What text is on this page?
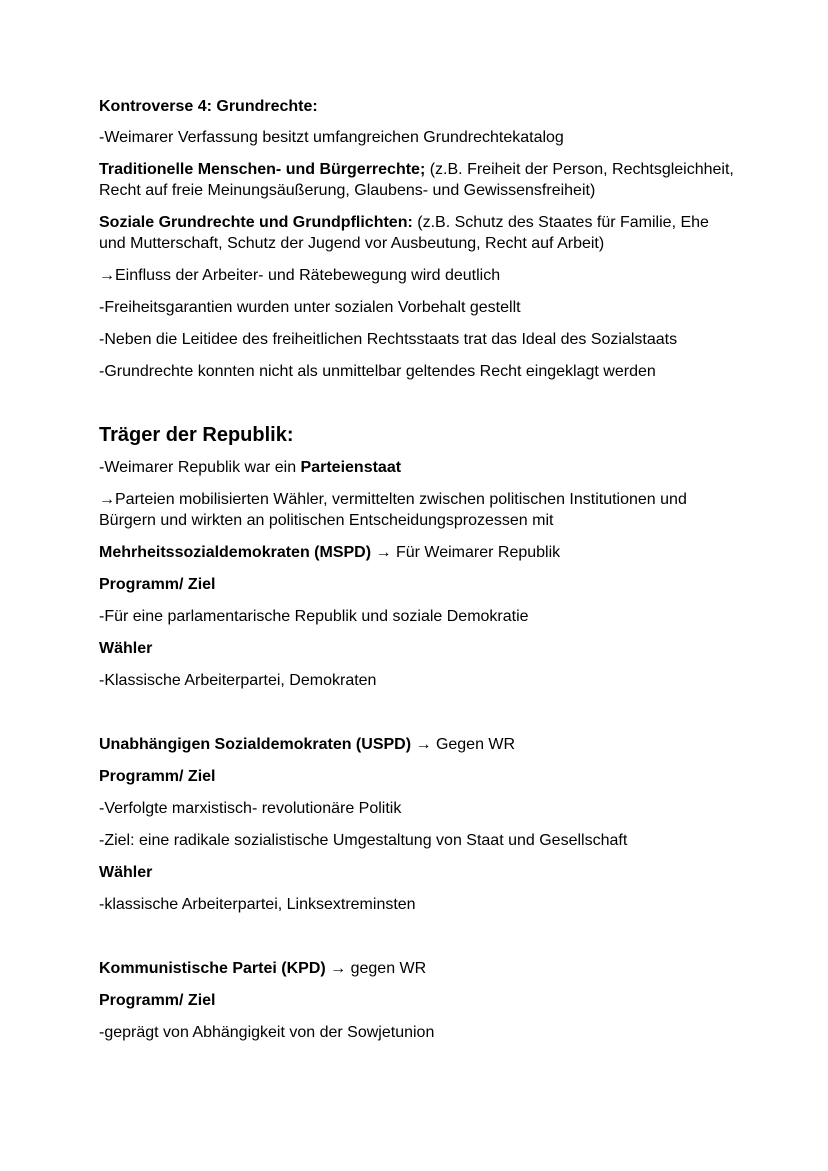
Kontroverse 4: Grundrechte:

-Weimarer Verfassung besitzt umfangreichen Grundrechtekatalog

Traditionelle Menschen- und Bürgerrechte; (z.B. Freiheit der Person, Rechtsgleichheit, Recht auf freie Meinungsäußerung, Glaubens- und Gewissensfreiheit)

Soziale Grundrechte und Grundpflichten: (z.B. Schutz des Staates für Familie, Ehe und Mutterschaft, Schutz der Jugend vor Ausbeutung, Recht auf Arbeit)

→Einfluss der Arbeiter- und Rätebewegung wird deutlich

-Freiheitsgarantien wurden unter sozialen Vorbehalt gestellt

-Neben die Leitidee des freiheitlichen Rechtsstaats trat das Ideal des Sozialstaats

-Grundrechte konnten nicht als unmittelbar geltendes Recht eingeklagt werden

Träger der Republik:

-Weimarer Republik war ein Parteienstaat

→Parteien mobilisierten Wähler, vermittelten zwischen politischen Institutionen und Bürgern und wirkten an politischen Entscheidungsprozessen mit

Mehrheitssozialdemokraten (MSPD) → Für Weimarer Republik

Programm/ Ziel

-Für eine parlamentarische Republik und soziale Demokratie

Wähler

-Klassische Arbeiterpartei, Demokraten

Unabhängigen Sozialdemokraten (USPD) → Gegen WR

Programm/ Ziel

-Verfolgte marxistisch- revolutionäre Politik

-Ziel: eine radikale sozialistische Umgestaltung von Staat und Gesellschaft

Wähler

-klassische Arbeiterpartei, Linksextreminsten

Kommunistische Partei (KPD) → gegen WR

Programm/ Ziel

-geprägt von Abhängigkeit von der Sowjetunion
